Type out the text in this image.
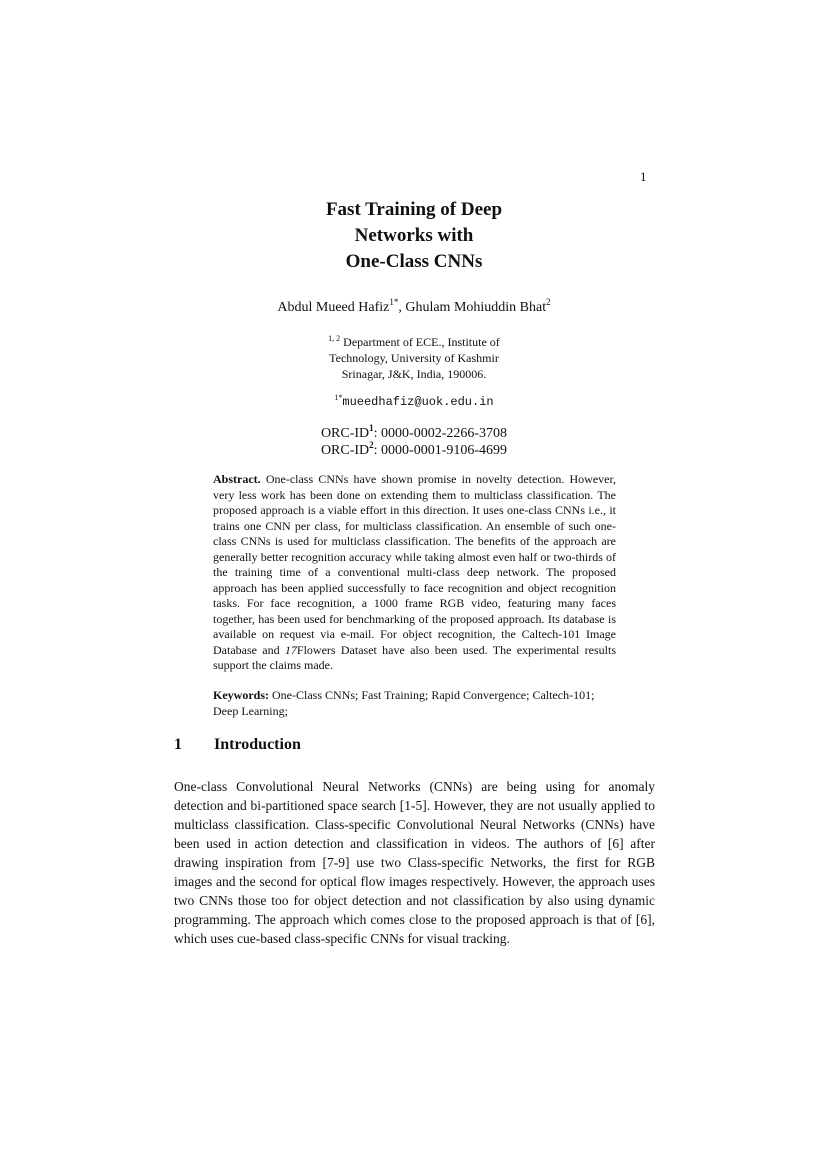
1
Fast Training of Deep
Networks with
One-Class CNNs
Abdul Mueed Hafiz$^{1*}$, Ghulam Mohiuddin Bhat$^2$
$^{1, 2}$ Department of ECE., Institute of
Technology, University of Kashmir
Srinagar, J&K, India, 190006.
$^{1*}$mueedhafiz@uok.edu.in
ORC-$ID^1$: 0000-0002-2266-3708
ORC-$ID^2$: 0000-0001-9106-4699
Abstract. One-class CNNs have shown promise in novelty detection. However, very less work has been done on extending them to multiclass classification. The proposed approach is a viable effort in this direction. It uses one-class CNNs i.e., it trains one CNN per class, for multiclass classification. An ensemble of such one-class CNNs is used for multiclass classification. The benefits of the approach are generally better recognition accuracy while taking almost even half or two-thirds of the training time of a conventional multi-class deep network. The proposed approach has been applied successfully to face recognition and object recognition tasks. For face recognition, a 1000 frame RGB video, featuring many faces together, has been used for benchmarking of the proposed approach. Its database is available on request via e-mail. For object recognition, the Caltech-101 Image Database and 17Flowers Dataset have also been used. The experimental results support the claims made.
Keywords: One-Class CNNs; Fast Training; Rapid Convergence; Caltech-101; Deep Learning;
1 Introduction

One-class Convolutional Neural Networks (CNNs) are being using for anomaly detection and bi-partitioned space search [1-5]. However, they are not usually applied to multiclass classification. Class-specific Convolutional Neural Networks (CNNs) have been used in action detection and classification in videos. The authors of [6] after drawing inspiration from [7-9] use two Class-specific Networks, the first for RGB images and the second for optical flow images respectively. However, the approach uses two CNNs those too for object detection and not classification by also using dynamic programming. The approach which comes close to the proposed approach is that of [6], which uses cue-based class-specific CNNs for visual tracking.
